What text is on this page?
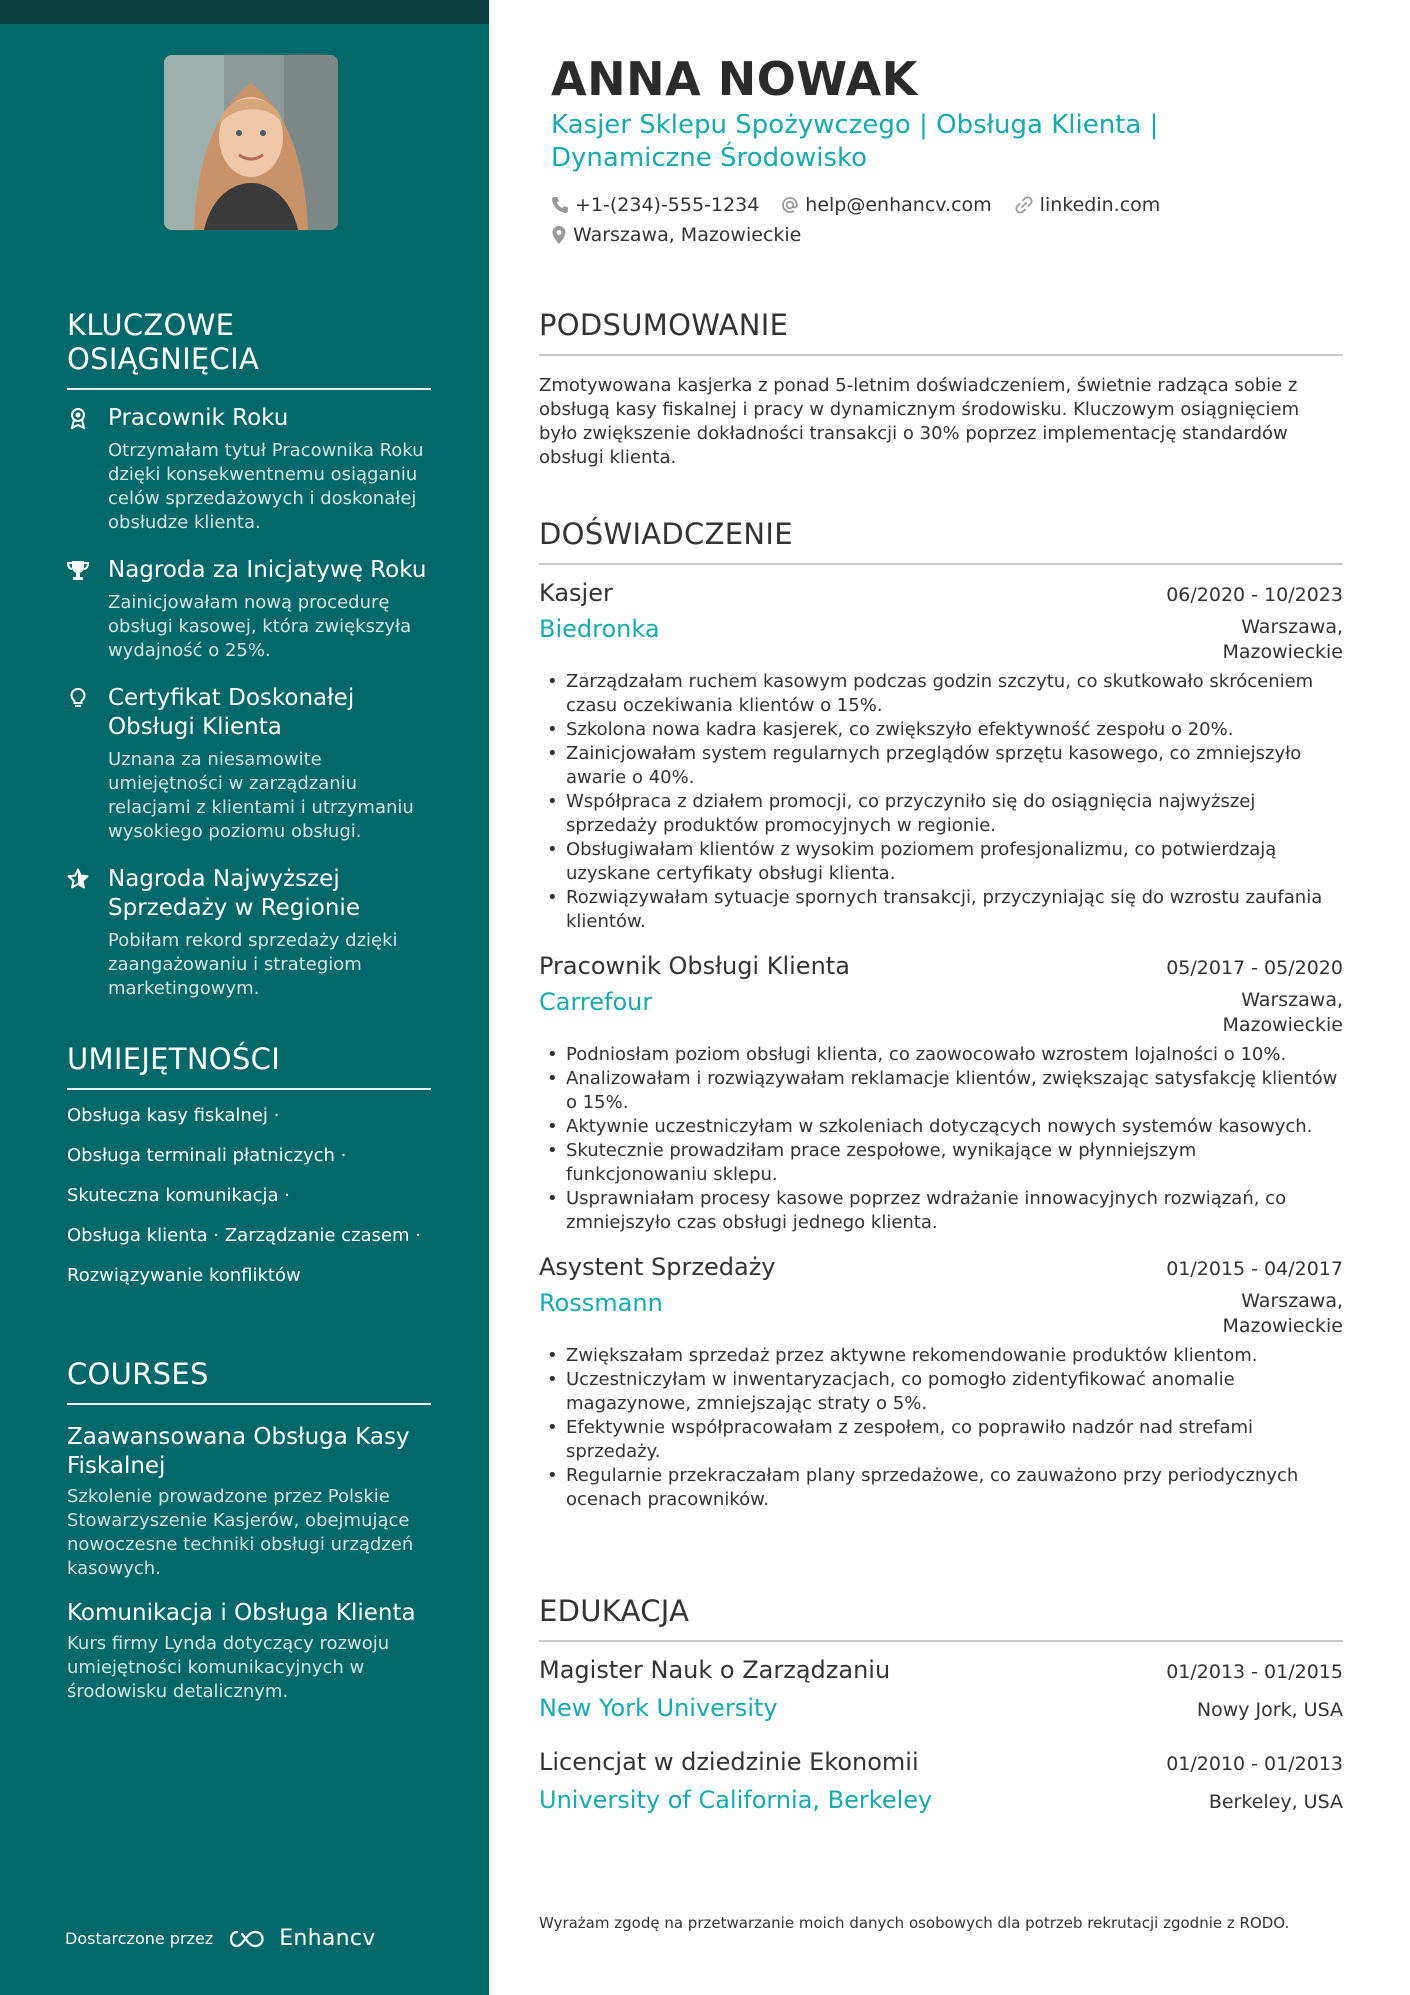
KLUCZOWE OSIĄGNIĘCIA
Pracownik Roku
Otrzymałam tytuł Pracownika Roku dzięki konsekwentnemu osiąganiu celów sprzedażowych i doskonałej obsłudze klienta.
Nagroda za Inicjatywę Roku
Zainicjowałam nową procedurę obsługi kasowej, która zwiększyła wydajność o 25%.
Certyfikat Doskonałej Obsługi Klienta
Uznana za niesamowite umiejętności w zarządzaniu relacjami z klientami i utrzymaniu wysokiego poziomu obsługi.
Nagroda Najwyższej Sprzedaży w Regionie
Pobiłam rekord sprzedaży dzięki zaangażowaniu i strategiom marketingowym.
UMIEJĘTNOŚCI
Obsługa kasy fiskalnej ·
Obsługa terminali płatniczych ·
Skuteczna komunikacja ·
Obsługa klienta · Zarządzanie czasem ·
Rozwiązywanie konfliktów
COURSES
Zaawansowana Obsługa Kasy Fiskalnej
Szkolenie prowadzone przez Polskie Stowarzyszenie Kasjerów, obejmujące nowoczesne techniki obsługi urządzeń kasowych.
Komunikacja i Obsługa Klienta
Kurs firmy Lynda dotyczący rozwoju umiejętności komunikacyjnych w środowisku detalicznym.
Dostarczone przez	Enhancv
ANNA NOWAK
Kasjer Sklepu Spożywczego | Obsługa Klienta | Dynamiczne Środowisko
+1-(234)-555-1234 help@enhancv.com	linkedin.com
Warszawa, Mazowieckie
PODSUMOWANIE

Zmotywowana kasjerka z ponad 5-letnim doświadczeniem, świetnie radząca sobie z obsługą kasy fiskalnej i pracy w dynamicznym środowisku. Kluczowym osiągnięciem było zwiększenie dokładności transakcji o 30% poprzez implementację standardów obsługi klienta.

DOŚWIADCZENIE
Kasjer	06/2020 - 10/2023
Biedronka	Warszawa, Mazowieckie
• Zarządzałam ruchem kasowym podczas godzin szczytu, co skutkowało skróceniem czasu oczekiwania klientów o 15%.
• Szkolona nowa kadra kasjerek, co zwiększyło efektywność zespołu o 20%.
• Zainicjowałam system regularnych przeglądów sprzętu kasowego, co zmniejszyło awarie o 40%.
• Współpraca z działem promocji, co przyczyniło się do osiągnięcia najwyższej sprzedaży produktów promocyjnych w regionie.
• Obsługiwałam klientów z wysokim poziomem profesjonalizmu, co potwierdzają uzyskane certyfikaty obsługi klienta.
• Rozwiązywałam sytuacje spornych transakcji, przyczyniając się do wzrostu zaufania klientów.
Pracownik Obsługi Klienta	05/2017 - 05/2020
Carrefour	Warszawa, Mazowieckie
• Podniosłam poziom obsługi klienta, co zaowocowało wzrostem lojalności o 10%.
• Analizowałam i rozwiązywałam reklamacje klientów, zwiększając satysfakcję klientów o 15%.
• Aktywnie uczestniczyłam w szkoleniach dotyczących nowych systemów kasowych.
• Skutecznie prowadziłam prace zespołowe, wynikające w płynniejszym funkcjonowaniu sklepu.
• Usprawniałam procesy kasowe poprzez wdrażanie innowacyjnych rozwiązań, co zmniejszyło czas obsługi jednego klienta.
Asystent Sprzedaży	01/2015 - 04/2017
Rossmann	Warszawa, Mazowieckie
• Zwiększałam sprzedaż przez aktywne rekomendowanie produktów klientom.
• Uczestniczyłam w inwentaryzacjach, co pomogło zidentyfikować anomalie magazynowe, zmniejszając straty o 5%.
• Efektywnie współpracowałam z zespołem, co poprawiło nadzór nad strefami sprzedaży.
• Regularnie przekraczałam plany sprzedażowe, co zauważono przy periodycznych ocenach pracowników.
EDUKACJA
Magister Nauk o Zarządzaniu	01/2013 - 01/2015
New York University	Nowy Jork, USA
Licencjat w dziedzinie Ekonomii	01/2010 - 01/2013
University of California, Berkeley	Berkeley, USA
Wyrażam zgodę na przetwarzanie moich danych osobowych dla potrzeb rekrutacji zgodnie z RODO.
